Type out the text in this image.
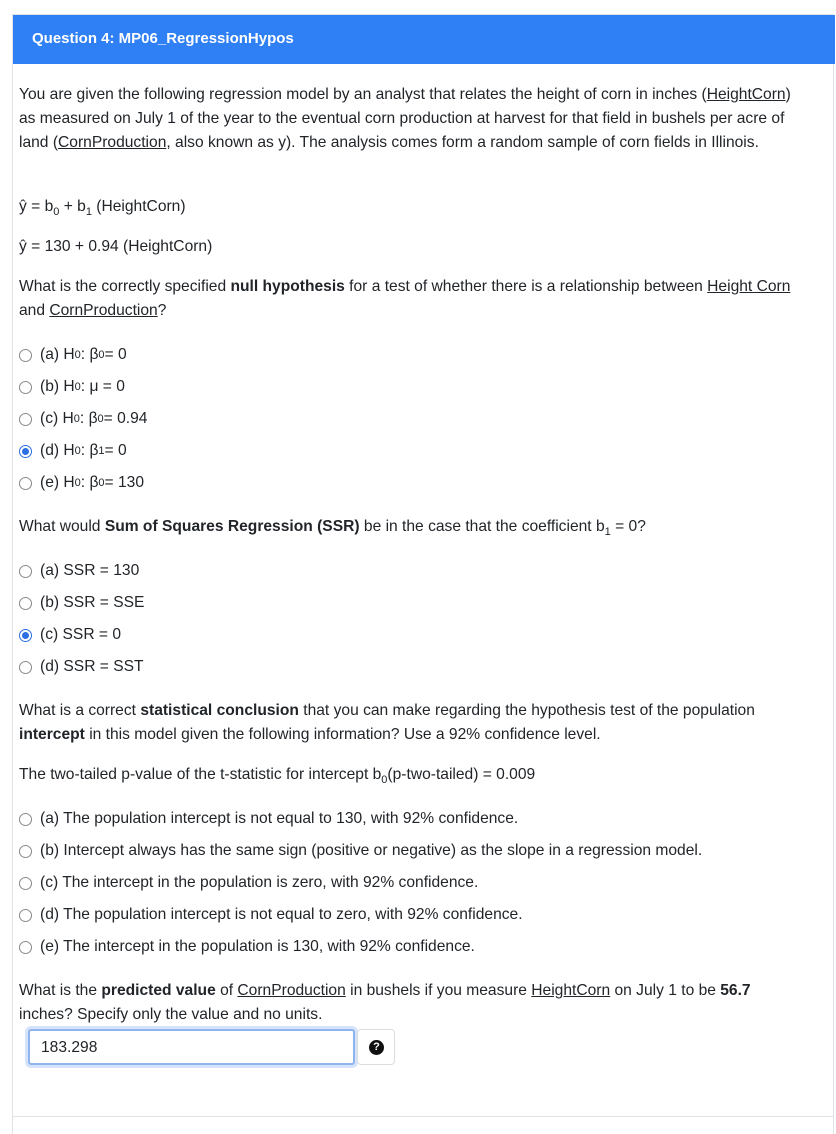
Question 4: MP06_RegressionHypos

You are given the following regression model by an analyst that relates the height of corn in inches (HeightCorn) as measured on July 1 of the year to the eventual corn production at harvest for that field in bushels per acre of land (CornProduction, also known as y). The analysis comes form a random sample of corn fields in Illinois.

ŷ = $b_0 + b_1$ (HeightCorn)

ŷ = 130 + 0.94 (HeightCorn)

What is the correctly specified null hypothesis for a test of whether there is a relationship between Height Corn and CornProduction?

(a) H 0 : β 0 = 0
(b) H 0 : μ = 0
(c) H 0 : β 0 = 0.94
(d) H 0 : β 1 = 0
(e) H 0 : β 0 = 130

What would Sum of Squares Regression (SSR) be in the case that the coefficient $b_1 = 0$?

(a) SSR = 130
(b) SSR = SSE
(c) SSR = 0
(d) SSR = SST

What is a correct statistical conclusion that you can make regarding the hypothesis test of the population intercept in this model given the following information? Use a 92% confidence level.

The two-tailed p-value of the t-statistic for intercept $b_0(p-two-tailed) = 0.009$

(a) The population intercept is not equal to 130, with 92% confidence.
(b) Intercept always has the same sign (positive or negative) as the slope in a regression model.
(c) The intercept in the population is zero, with 92% confidence.
(d) The population intercept is not equal to zero, with 92% confidence.
(e) The intercept in the population is 130, with 92% confidence.

What is the predicted value of CornProduction in bushels if you measure HeightCorn on July 1 to be 56.7 inches? Specify only the value and no units.

183.298	?
